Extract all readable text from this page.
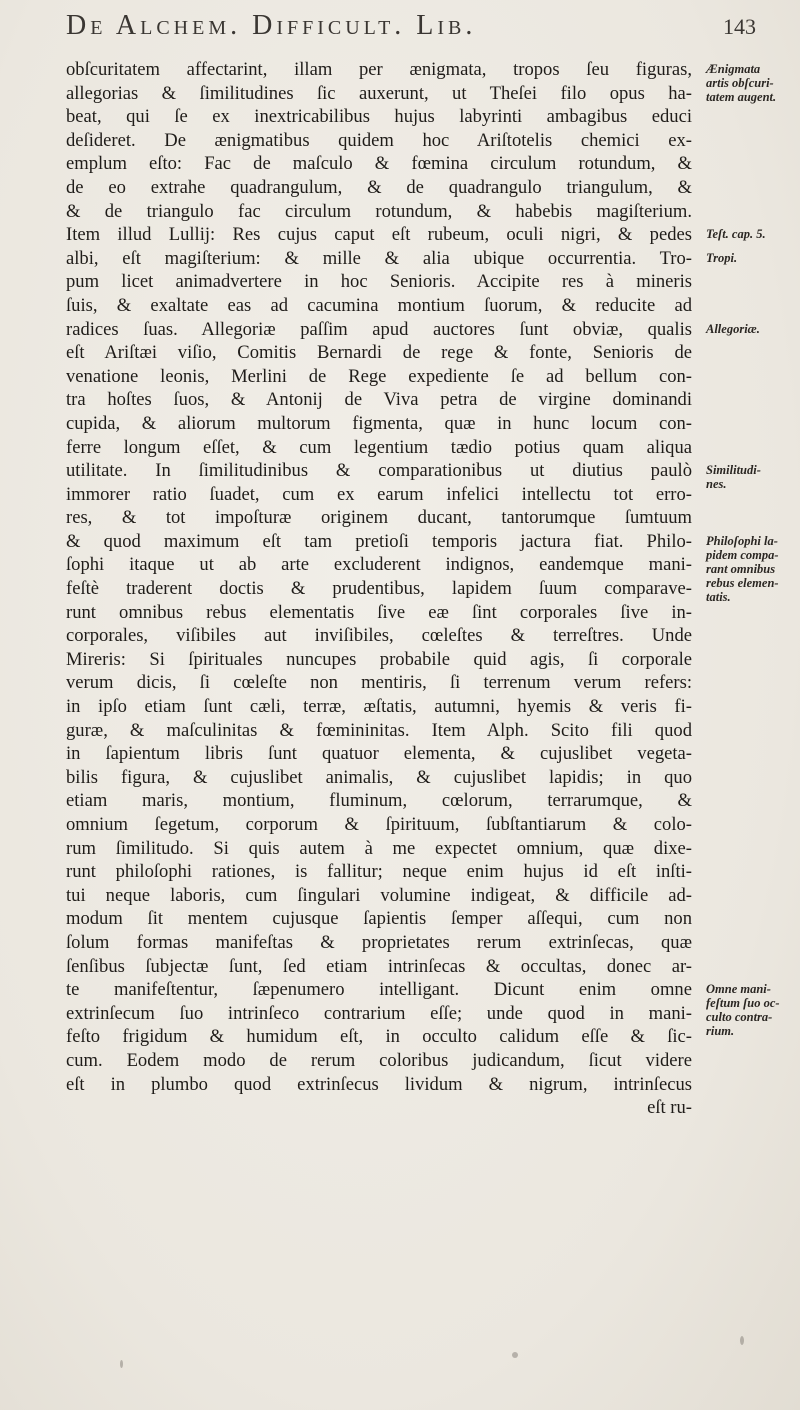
De Alchem. Difficult. Lib.	143
obſcuritatem affectarint, illam per ænigmata, tropos ſeu figuras,
allegorias & ſimilitudines ſic auxerunt, ut Theſei filo opus ha-
beat, qui ſe ex inextricabilibus hujus labyrinti ambagibus educi
deſideret. De ænigmatibus quidem hoc Ariſtotelis chemici ex-
emplum eſto: Fac de maſculo & fœmina circulum rotundum, &
de eo extrahe quadrangulum, & de quadrangulo triangulum, &
& de triangulo fac circulum rotundum, & habebis magiſterium.
Item illud Lullij: Res cujus caput eſt rubeum, oculi nigri, & pedes
albi, eſt magiſterium: & mille & alia ubique occurrentia. Tro-
pum licet animadvertere in hoc Senioris. Accipite res à mineris
ſuis, & exaltate eas ad cacumina montium ſuorum, & reducite ad
radices ſuas. Allegoriæ paſſim apud auctores ſunt obviæ, qualis
eſt Ariſtæi viſio, Comitis Bernardi de rege & fonte, Senioris de
venatione leonis, Merlini de Rege expediente ſe ad bellum con-
tra hoſtes ſuos, & Antonij de Viva petra de virgine dominandi
cupida, & aliorum multorum figmenta, quæ in hunc locum con-
ferre longum eſſet, & cum legentium tædio potius quam aliqua
utilitate. In ſimilitudinibus & comparationibus ut diutius paulò
immorer ratio ſuadet, cum ex earum infelici intellectu tot erro-
res, & tot impoſturæ originem ducant, tantorumque ſumtuum
& quod maximum eſt tam pretioſi temporis jactura fiat. Philo-
ſophi itaque ut ab arte excluderent indignos, eandemque mani-
feſtè traderent doctis & prudentibus, lapidem ſuum comparave-
runt omnibus rebus elementatis ſive eæ ſint corporales ſive in-
corporales, viſibiles aut inviſibiles, cœleſtes & terreſtres. Unde
Mireris: Si ſpirituales nuncupes probabile quid agis, ſi corporale
verum dicis, ſi cœleſte non mentiris, ſi terrenum verum refers:
in ipſo etiam ſunt cæli, terræ, æſtatis, autumni, hyemis & veris fi-
guræ, & maſculinitas & fœmininitas. Item Alph. Scito fili quod
in ſapientum libris ſunt quatuor elementa, & cujuslibet vegeta-
bilis figura, & cujuslibet animalis, & cujuslibet lapidis; in quo
etiam maris, montium, fluminum, cœlorum, terrarumque, &
omnium ſegetum, corporum & ſpirituum, ſubſtantiarum & colo-
rum ſimilitudo. Si quis autem à me expectet omnium, quæ dixe-
runt philoſophi rationes, is fallitur; neque enim hujus id eſt inſti-
tui neque laboris, cum ſingulari volumine indigeat, & difficile ad-
modum ſit mentem cujusque ſapientis ſemper aſſequi, cum non
ſolum formas manifeſtas & proprietates rerum extrinſecas, quæ
ſenſibus ſubjectæ ſunt, ſed etiam intrinſecas & occultas, donec ar-
te manifeſtentur, ſæpenumero intelligant. Dicunt enim omne
extrinſecum ſuo intrinſeco contrarium eſſe; unde quod in mani-
feſto frigidum & humidum eſt, in occulto calidum eſſe & ſic-
cum. Eodem modo de rerum coloribus judicandum, ſicut videre
eſt in plumbo quod extrinſecus lividum & nigrum, intrinſecus
eſt ru-
Ænigmata
artis obſcuri-
tatem augent.
Teſt. cap. 5.
Tropi.
Allegoriæ.
Similitudi-
nes.
Philoſophi la-
pidem compa-
rant omnibus
rebus elemen-
tatis.
Omne mani-
feſtum ſuo oc-
culto contra-
rium.
